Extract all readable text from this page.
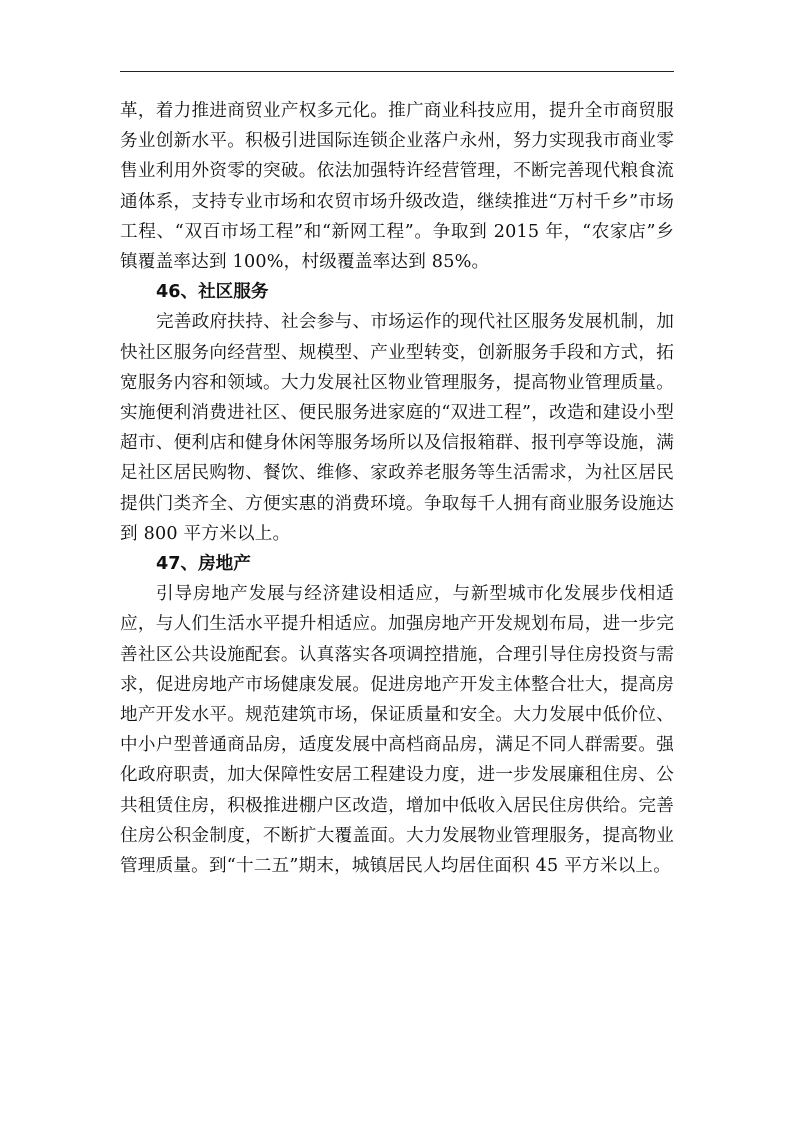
革，着力推进商贸业产权多元化。推广商业科技应用，提升全市商贸服务业创新水平。积极引进国际连锁企业落户永州，努力实现我市商业零售业利用外资零的突破。依法加强特许经营管理，不断完善现代粮食流通体系，支持专业市场和农贸市场升级改造，继续推进“万村千乡”市场工程、“双百市场工程”和“新网工程”。争取到 2015 年，“农家店”乡镇覆盖率达到 100%，村级覆盖率达到 85%。

46、社区服务

完善政府扶持、社会参与、市场运作的现代社区服务发展机制，加快社区服务向经营型、规模型、产业型转变，创新服务手段和方式，拓宽服务内容和领域。大力发展社区物业管理服务，提高物业管理质量。实施便利消费进社区、便民服务进家庭的“双进工程”，改造和建设小型超市、便利店和健身休闲等服务场所以及信报箱群、报刊亭等设施，满足社区居民购物、餐饮、维修、家政养老服务等生活需求，为社区居民提供门类齐全、方便实惠的消费环境。争取每千人拥有商业服务设施达到 800 平方米以上。

47、房地产

引导房地产发展与经济建设相适应，与新型城市化发展步伐相适应，与人们生活水平提升相适应。加强房地产开发规划布局，进一步完善社区公共设施配套。认真落实各项调控措施，合理引导住房投资与需求，促进房地产市场健康发展。促进房地产开发主体整合壮大，提高房地产开发水平。规范建筑市场，保证质量和安全。大力发展中低价位、中小户型普通商品房，适度发展中高档商品房，满足不同人群需要。强化政府职责，加大保障性安居工程建设力度，进一步发展廉租住房、公共租赁住房，积极推进棚户区改造，增加中低收入居民住房供给。完善住房公积金制度，不断扩大覆盖面。大力发展物业管理服务，提高物业管理质量。到“十二五”期末，城镇居民人均居住面积 45 平方米以上。
